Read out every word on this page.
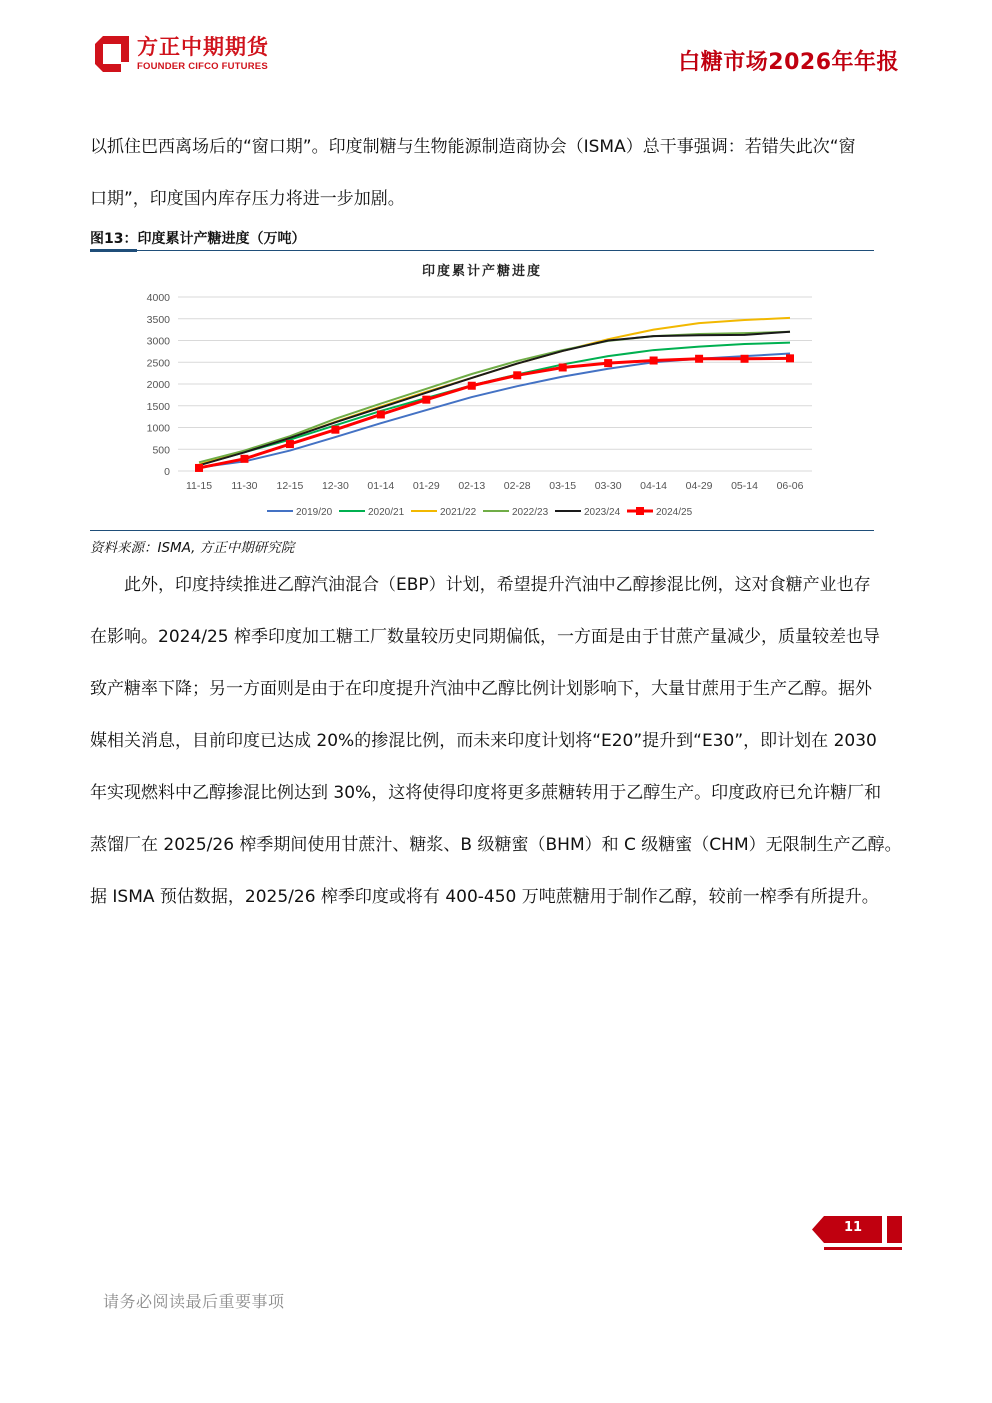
方正中期期货
FOUNDER CIFCO FUTURES	白糖市场2026年年报
以抓住巴西离场后的“窗口期”。印度制糖与生物能源制造商协会（ISMA）总干事强调：若错失此次“窗
口期”，印度国内库存压力将进一步加剧。
图13：印度累计产糖进度（万吨）
印度累计产糖进度
0
500
1000
1500
2000
2500
3000
3500
4000
11-15 11-30 12-15 12-30 01-14 01-29 02-13 02-28 03-15 03-30 04-14 04-29 05-14 06-06
2019/20	2020/21	2021/22	2022/23	2023/24	2024/25
资料来源：ISMA, 方正中期研究院
此外，印度持续推进乙醇汽油混合（EBP）计划，希望提升汽油中乙醇掺混比例，这对食糖产业也存
在影响。2024/25 榨季印度加工糖工厂数量较历史同期偏低，一方面是由于甘蔗产量减少，质量较差也导
致产糖率下降；另一方面则是由于在印度提升汽油中乙醇比例计划影响下，大量甘蔗用于生产乙醇。据外
媒相关消息，目前印度已达成 20%的掺混比例，而未来印度计划将“E20”提升到“E30”，即计划在 2030
年实现燃料中乙醇掺混比例达到 30%，这将使得印度将更多蔗糖转用于乙醇生产。印度政府已允许糖厂和
蒸馏厂在 2025/26 榨季期间使用甘蔗汁、糖浆、B 级糖蜜（BHM）和 C 级糖蜜（CHM）无限制生产乙醇。
据 ISMA 预估数据，2025/26 榨季印度或将有 400-450 万吨蔗糖用于制作乙醇，较前一榨季有所提升。
11
请务必阅读最后重要事项
